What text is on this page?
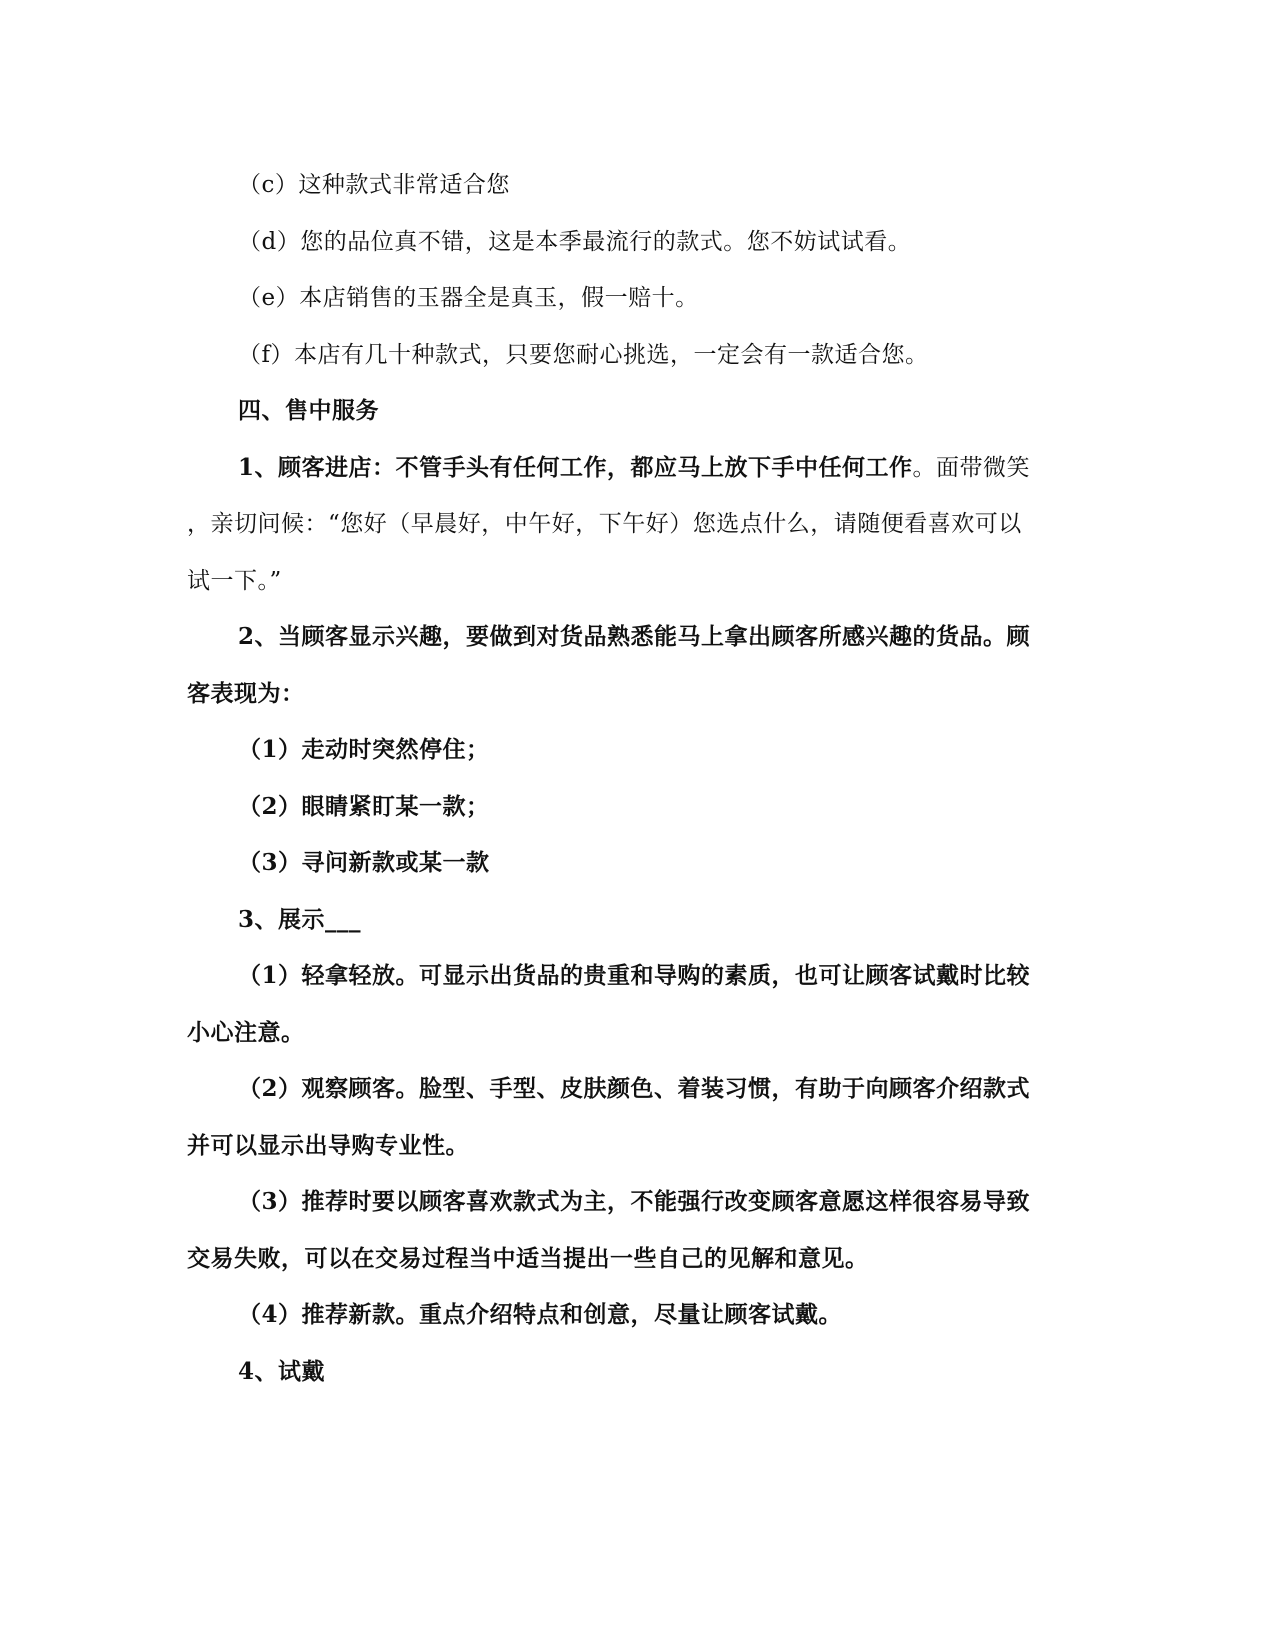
（c）这种款式非常适合您
（d）您的品位真不错，这是本季最流行的款式。您不妨试试看。
（e）本店销售的玉器全是真玉，假一赔十。
（f）本店有几十种款式，只要您耐心挑选，一定会有一款适合您。
四、售中服务
1、顾客进店：不管手头有任何工作，都应马上放下手中任何工作。面带微笑
，亲切问候：“您好（早晨好，中午好，下午好）您选点什么，请随便看喜欢可以
试一下。”
2、当顾客显示兴趣，要做到对货品熟悉能马上拿出顾客所感兴趣的货品。顾
客表现为：
（1）走动时突然停住；
（2）眼睛紧盯某一款；
（3）寻问新款或某一款
3、展示___
（1）轻拿轻放。可显示出货品的贵重和导购的素质，也可让顾客试戴时比较
小心注意。
（2）观察顾客。脸型、手型、皮肤颜色、着装习惯，有助于向顾客介绍款式
并可以显示出导购专业性。
（3）推荐时要以顾客喜欢款式为主，不能强行改变顾客意愿这样很容易导致
交易失败，可以在交易过程当中适当提出一些自己的见解和意见。
（4）推荐新款。重点介绍特点和创意，尽量让顾客试戴。
4、试戴
